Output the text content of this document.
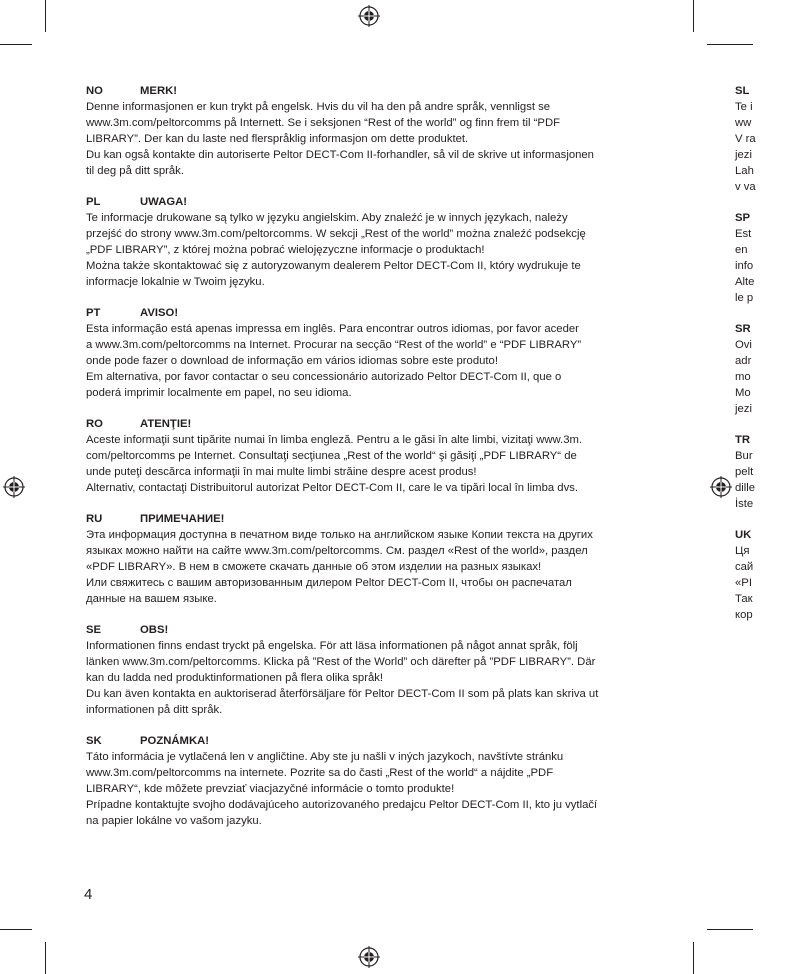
NO	MERK!
Denne informasjonen er kun trykt på engelsk. Hvis du vil ha den på andre språk, vennligst se
www.3m.com/peltorcomms på Internett. Se i seksjonen “Rest of the world” og finn frem til “PDF
LIBRARY”. Der kan du laste ned flerspråklig informasjon om dette produktet.
Du kan også kontakte din autoriserte Peltor DECT-Com II-forhandler, så vil de skrive ut informasjonen
til deg på ditt språk.
PL	UWAGA!
Te informacje drukowane są tylko w języku angielskim. Aby znaleźć je w innych językach, należy
przejść do strony www.3m.com/peltorcomms. W sekcji „Rest of the world” można znaleźć podsekcję
„PDF LIBRARY”, z której można pobrać wielojęzyczne informacje o produktach!
Można także skontaktować się z autoryzowanym dealerem Peltor DECT-Com II, który wydrukuje te
informacje lokalnie w Twoim języku.
PT	AVISO!
Esta informação está apenas impressa em inglês. Para encontrar outros idiomas, por favor aceder
a www.3m.com/peltorcomms na Internet. Procurar na secção “Rest of the world” e “PDF LIBRARY”
onde pode fazer o download de informação em vários idiomas sobre este produto!
Em alternativa, por favor contactar o seu concessionário autorizado Peltor DECT-Com II, que o
poderá imprimir localmente em papel, no seu idioma.
RO	ATENŢIE!
Aceste informaţii sunt tipărite numai în limba engleză. Pentru a le găsi în alte limbi, vizitaţi www.3m.
com/peltorcomms pe Internet. Consultaţi secţiunea „Rest of the world“ şi găsiţi „PDF LIBRARY“ de
unde puteţi descărca informaţii în mai multe limbi străine despre acest produs!
Alternativ, contactaţi Distribuitorul autorizat Peltor DECT-Com II, care le va tipări local în limba dvs.
RU	ПРИМЕЧАНИЕ!
Эта информация доступна в печатном виде только на английском языке Копии текста на других
языках можно найти на сайте www.3m.com/peltorcomms. См. раздел «Rest of the world», раздел
«PDF LIBRARY». В нем в сможете скачать данные об этом изделии на разных языках!
Или свяжитесь с вашим авторизованным дилером Peltor DECT-Com II, чтобы он распечатал
данные на вашем языке.
SE	OBS!
Informationen finns endast tryckt på engelska. För att läsa informationen på något annat språk, följ
länken www.3m.com/peltorcomms. Klicka på ”Rest of the World” och därefter på ”PDF LIBRARY”. Där
kan du ladda ned produktinformationen på flera olika språk!
Du kan även kontakta en auktoriserad återförsäljare för Peltor DECT-Com II som på plats kan skriva ut
informationen på ditt språk.
SK	POZNÁMKA!
Táto informácia je vytlačená len v angličtine. Aby ste ju našli v iných jazykoch, navštívte stránku
www.3m.com/peltorcomms na internete. Pozrite sa do časti „Rest of the world“ a nájdite „PDF
LIBRARY“, kde môžete prevziať viacjazyčné informácie o tomto produkte!
Prípadne kontaktujte svojho dodávajúceho autorizovaného predajcu Peltor DECT-Com II, kto ju vytlačí
na papier lokálne vo vašom jazyku.
SL
Te i
ww
V ra
jezi
Lah
v va
SP
Est
en
info
Alte
le p
SR
Ovi
adr
mo
Mo
jezi
TR
Bur
pelt
dille
İste
UK
Ця
сай
«PI
Так
кор
4
